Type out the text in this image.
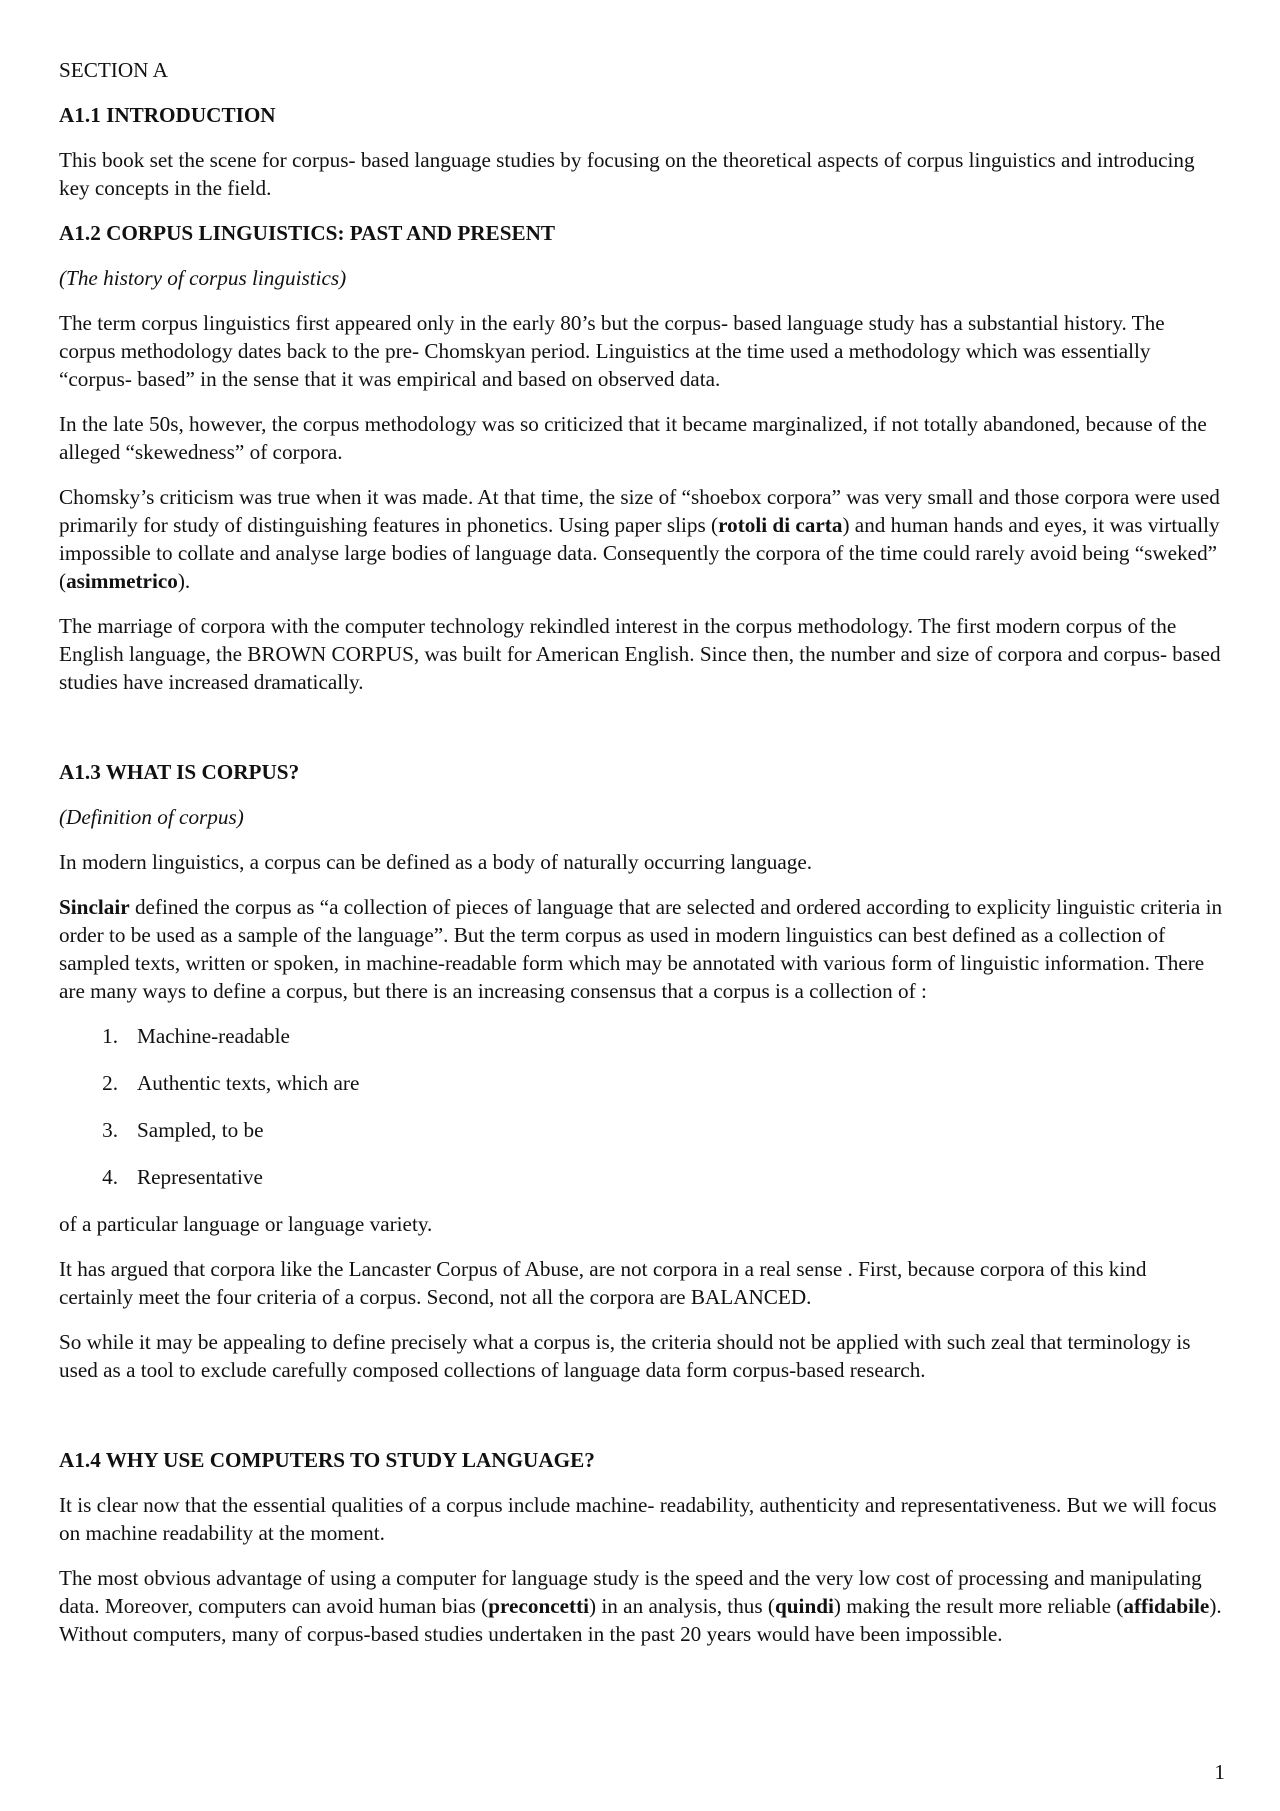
SECTION A

A1.1 INTRODUCTION

This book set the scene for corpus- based language studies by focusing on the theoretical aspects of corpus linguistics and introducing key concepts in the field.

A1.2 CORPUS LINGUISTICS: PAST AND PRESENT

(The history of corpus linguistics)

The term corpus linguistics first appeared only in the early 80’s but the corpus- based language study has a substantial history. The corpus methodology dates back to the pre- Chomskyan period. Linguistics at the time used a methodology which was essentially “corpus- based” in the sense that it was empirical and based on observed data.

In the late 50s, however, the corpus methodology was so criticized that it became marginalized, if not totally abandoned, because of the alleged “skewedness” of corpora.

Chomsky’s criticism was true when it was made. At that time, the size of “shoebox corpora” was very small and those corpora were used primarily for study of distinguishing features in phonetics. Using paper slips (rotoli di carta) and human hands and eyes, it was virtually impossible to collate and analyse large bodies of language data. Consequently the corpora of the time could rarely avoid being “sweked” (asimmetrico).

The marriage of corpora with the computer technology rekindled interest in the corpus methodology. The first modern corpus of the English language, the BROWN CORPUS, was built for American English. Since then, the number and size of corpora and corpus- based studies have increased dramatically.

A1.3 WHAT IS CORPUS?

(Definition of corpus)

In modern linguistics, a corpus can be defined as a body of naturally occurring language.

Sinclair defined the corpus as “a collection of pieces of language that are selected and ordered according to explicity linguistic criteria in order to be used as a sample of the language”. But the term corpus as used in modern linguistics can best defined as a collection of sampled texts, written or spoken, in machine-readable form which may be annotated with various form of linguistic information. There are many ways to define a corpus, but there is an increasing consensus that a corpus is a collection of :

1. Machine-readable
2. Authentic texts, which are
3. Sampled, to be
4. Representative

of a particular language or language variety.

It has argued that corpora like the Lancaster Corpus of Abuse, are not corpora in a real sense . First, because corpora of this kind certainly meet the four criteria of a corpus. Second, not all the corpora are BALANCED.

So while it may be appealing to define precisely what a corpus is, the criteria should not be applied with such zeal that terminology is used as a tool to exclude carefully composed collections of language data form corpus-based research.

A1.4 WHY USE COMPUTERS TO STUDY LANGUAGE?

It is clear now that the essential qualities of a corpus include machine- readability, authenticity and representativeness. But we will focus on machine readability at the moment.

The most obvious advantage of using a computer for language study is the speed and the very low cost of processing and manipulating data. Moreover, computers can avoid human bias (preconcetti) in an analysis, thus (quindi) making the result more reliable (affidabile). Without computers, many of corpus-based studies undertaken in the past 20 years would have been impossible.

1
